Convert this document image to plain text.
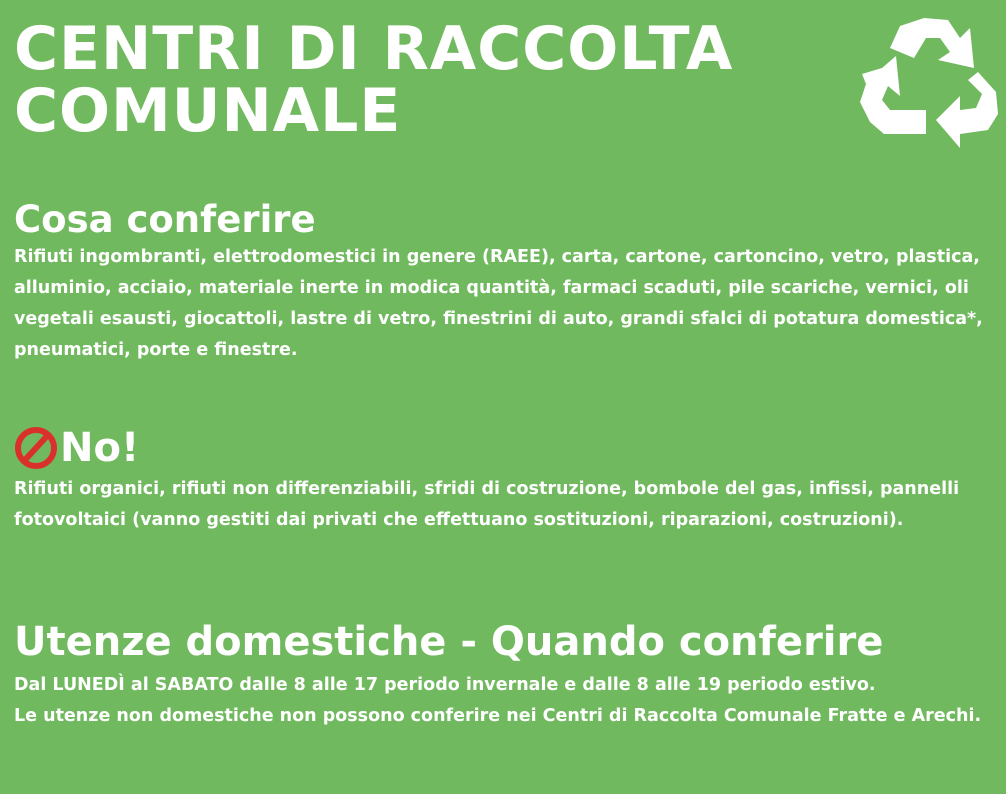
CENTRI DI RACCOLTA
COMUNALE
Cosa conferire

Rifiuti ingombranti, elettrodomestici in genere (RAEE), carta, cartone, cartoncino, vetro, plastica, alluminio, acciaio, materiale inerte in modica quantità, farmaci scaduti, pile scariche, vernici, oli vegetali esausti, giocattoli, lastre di vetro, finestrini di auto, grandi sfalci di potatura domestica*, pneumatici, porte e finestre.

No!

Rifiuti organici, rifiuti non differenziabili, sfridi di costruzione, bombole del gas, infissi, pannelli fotovoltaici (vanno gestiti dai privati che effettuano sostituzioni, riparazioni, costruzioni).

Utenze domestiche - Quando conferire

Dal LUNEDÌ al SABATO dalle 8 alle 17 periodo invernale e dalle 8 alle 19 periodo estivo.

Le utenze non domestiche non possono conferire nei Centri di Raccolta Comunale Fratte e Arechi.
